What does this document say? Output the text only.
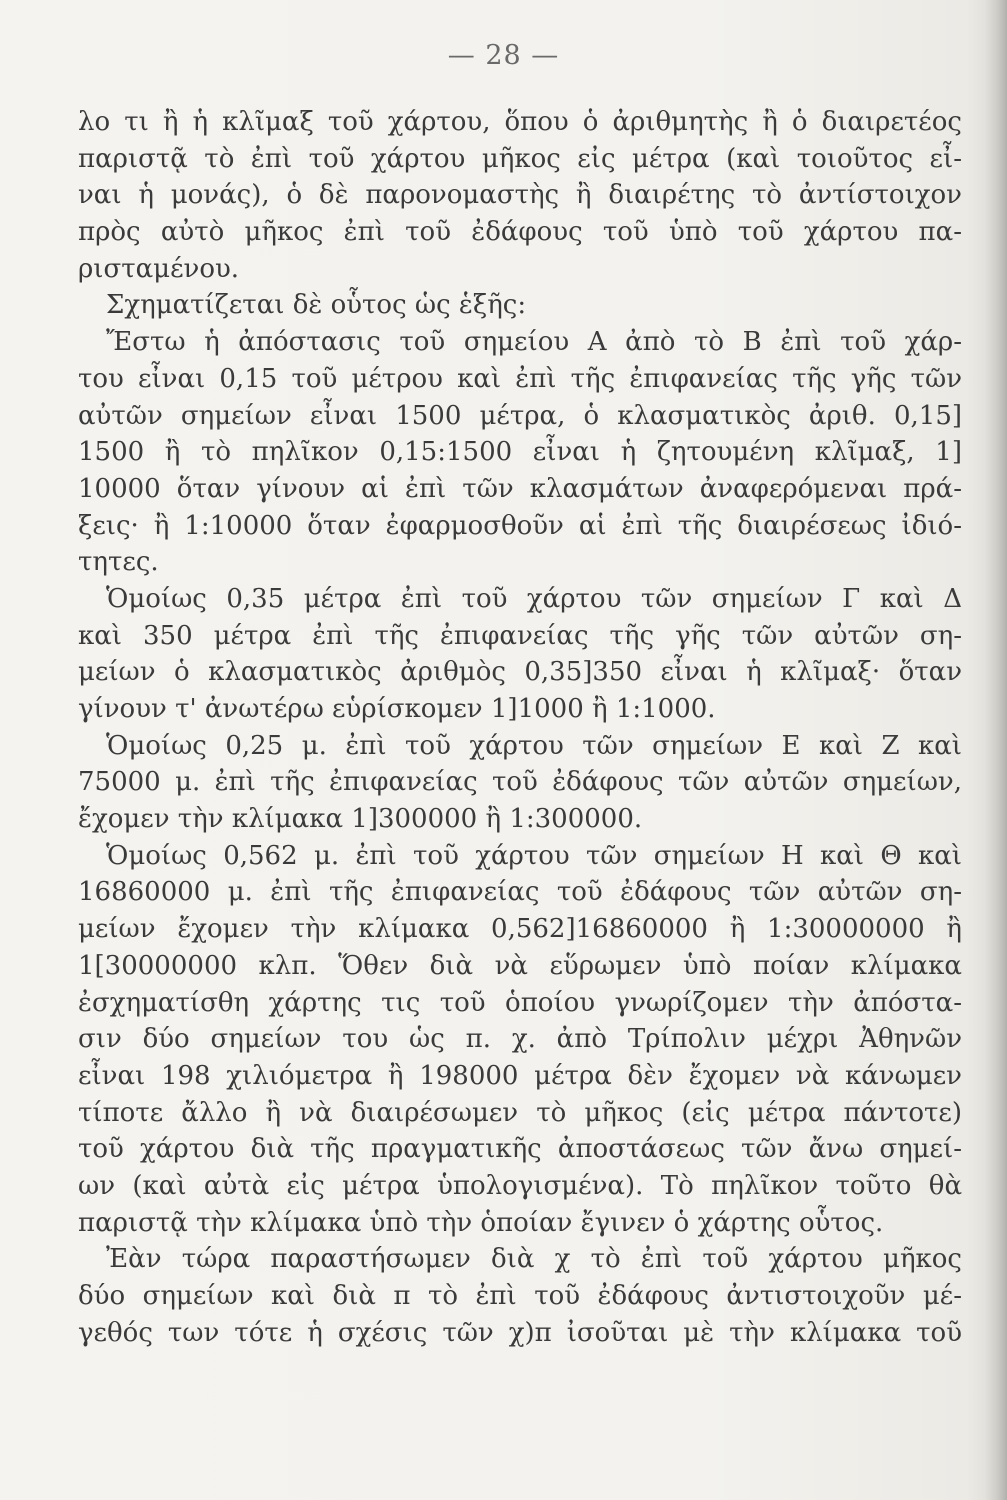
— 28 —
λο τι ἢ ἡ κλῖμαξ τοῦ χάρτου, ὅπου ὁ ἀριθμητὴς ἢ ὁ διαιρετέος
παριστᾷ τὸ ἐπὶ τοῦ χάρτου μῆκος εἰς μέτρα (καὶ τοιοῦτος εἶ-
ναι ἡ μονάς), ὁ δὲ παρονομαστὴς ἢ διαιρέτης τὸ ἀντίστοιχον
πρὸς αὐτὸ μῆκος ἐπὶ τοῦ ἐδάφους τοῦ ὑπὸ τοῦ χάρτου πα-
ρισταμένου.
Σχηματίζεται δὲ οὗτος ὡς ἑξῆς:
Ἔστω ἡ ἀπόστασις τοῦ σημείου Α ἀπὸ τὸ Β ἐπὶ τοῦ χάρ-
του εἶναι 0,15 τοῦ μέτρου καὶ ἐπὶ τῆς ἐπιφανείας τῆς γῆς τῶν
αὐτῶν σημείων εἶναι 1500 μέτρα, ὁ κλασματικὸς ἀριθ. 0,15]
1500 ἢ τὸ πηλῖκον 0,15:1500 εἶναι ἡ ζητουμένη κλῖμαξ, 1]
10000 ὅταν γίνουν αἱ ἐπὶ τῶν κλασμάτων ἀναφερόμεναι πρά-
ξεις· ἢ 1:10000 ὅταν ἐφαρμοσθοῦν αἱ ἐπὶ τῆς διαιρέσεως ἰδιό-
τητες.
Ὁμοίως 0,35 μέτρα ἐπὶ τοῦ χάρτου τῶν σημείων Γ καὶ Δ
καὶ 350 μέτρα ἐπὶ τῆς ἐπιφανείας τῆς γῆς τῶν αὐτῶν ση-
μείων ὁ κλασματικὸς ἀριθμὸς 0,35]350 εἶναι ἡ κλῖμαξ· ὅταν
γίνουν τ' ἀνωτέρω εὑρίσκομεν 1]1000 ἢ 1:1000.
Ὁμοίως 0,25 μ. ἐπὶ τοῦ χάρτου τῶν σημείων Ε καὶ Ζ καὶ
75000 μ. ἐπὶ τῆς ἐπιφανείας τοῦ ἐδάφους τῶν αὐτῶν σημείων,
ἔχομεν τὴν κλίμακα 1]300000 ἢ 1:300000.
Ὁμοίως 0,562 μ. ἐπὶ τοῦ χάρτου τῶν σημείων Η καὶ Θ καὶ
16860000 μ. ἐπὶ τῆς ἐπιφανείας τοῦ ἐδάφους τῶν αὐτῶν ση-
μείων ἔχομεν τὴν κλίμακα 0,562]16860000 ἢ 1:30000000 ἢ
1[30000000 κλπ. Ὅθεν διὰ νὰ εὕρωμεν ὑπὸ ποίαν κλίμακα
ἐσχηματίσθη χάρτης τις τοῦ ὁποίου γνωρίζομεν τὴν ἀπόστα-
σιν δύο σημείων του ὡς π. χ. ἀπὸ Τρίπολιν μέχρι Ἀθηνῶν
εἶναι 198 χιλιόμετρα ἢ 198000 μέτρα δὲν ἔχομεν νὰ κάνωμεν
τίποτε ἄλλο ἢ νὰ διαιρέσωμεν τὸ μῆκος (εἰς μέτρα πάντοτε)
τοῦ χάρτου διὰ τῆς πραγματικῆς ἀποστάσεως τῶν ἄνω σημεί-
ων (καὶ αὐτὰ εἰς μέτρα ὑπολογισμένα). Τὸ πηλῖκον τοῦτο θὰ
παριστᾷ τὴν κλίμακα ὑπὸ τὴν ὁποίαν ἔγινεν ὁ χάρτης οὗτος.
Ἐὰν τώρα παραστήσωμεν διὰ χ τὸ ἐπὶ τοῦ χάρτου μῆκος
δύο σημείων καὶ διὰ π τὸ ἐπὶ τοῦ ἐδάφους ἀντιστοιχοῦν μέ-
γεθός των τότε ἡ σχέσις τῶν χ)π ἰσοῦται μὲ τὴν κλίμακα τοῦ
